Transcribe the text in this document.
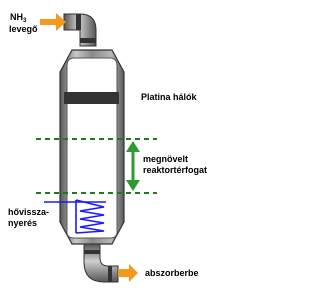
$NH_3$
levegő
Platina hálók
megnövelt
reaktortérfogat
hővissza-
nyerés
abszorberbe
